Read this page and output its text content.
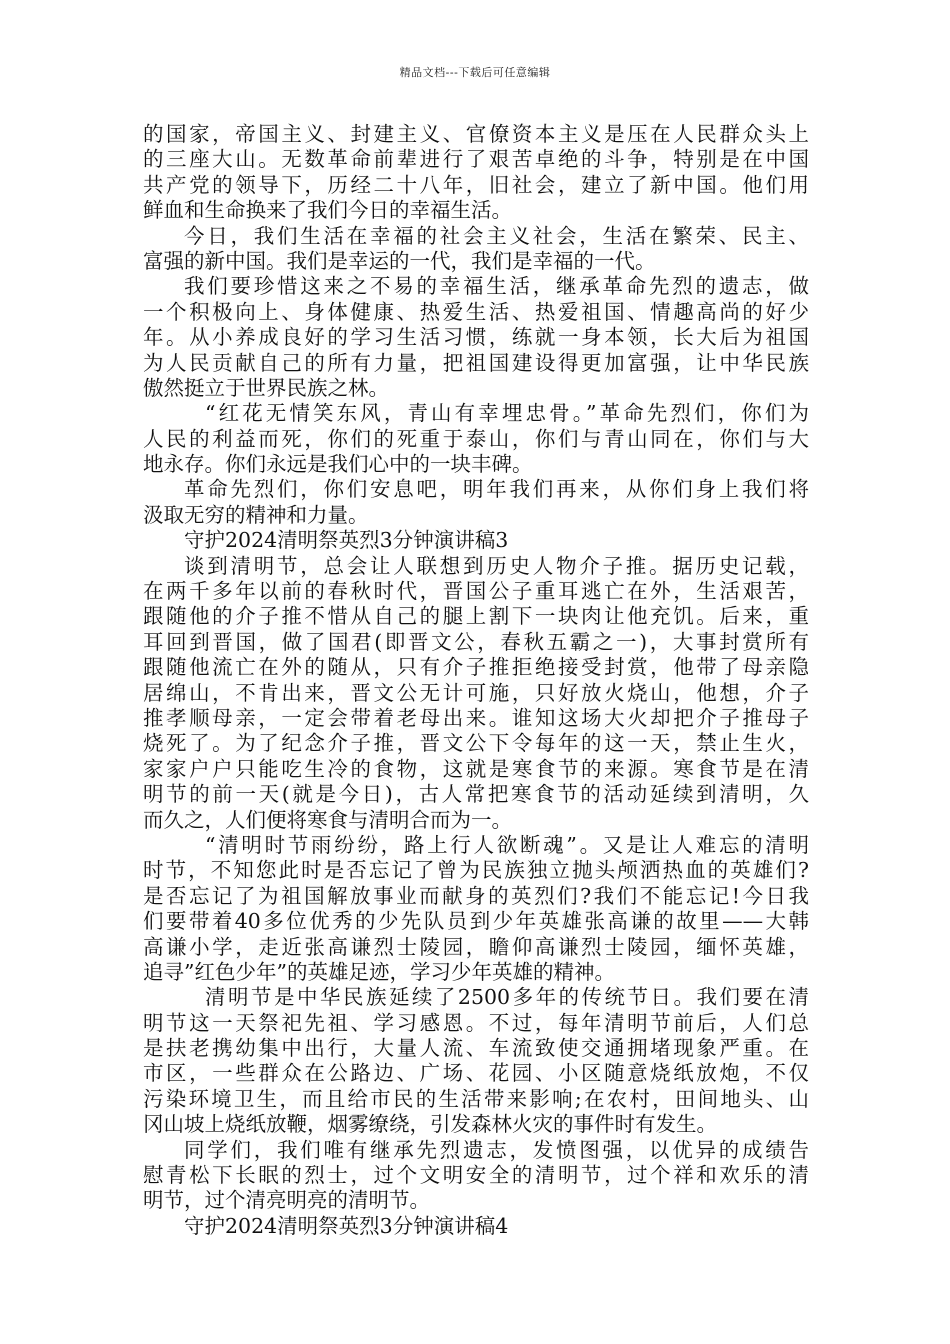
精品文档---下载后可任意编辑
的国家，帝国主义、封建主义、官僚资本主义是压在人民群众头上
的三座大山。无数革命前辈进行了艰苦卓绝的斗争，特别是在中国
共产党的领导下，历经二十八年，旧社会，建立了新中国。他们用
鲜血和生命换来了我们今日的幸福生活。
今日，我们生活在幸福的社会主义社会，生活在繁荣、民主、
富强的新中国。我们是幸运的一代，我们是幸福的一代。
我们要珍惜这来之不易的幸福生活，继承革命先烈的遗志，做
一个积极向上、身体健康、热爱生活、热爱祖国、情趣高尚的好少
年。从小养成良好的学习生活习惯，练就一身本领，长大后为祖国
为人民贡献自己的所有力量，把祖国建设得更加富强，让中华民族
傲然挺立于世界民族之林。
“红花无情笑东风，青山有幸埋忠骨。”革命先烈们，你们为
人民的利益而死，你们的死重于泰山，你们与青山同在，你们与大
地永存。你们永远是我们心中的一块丰碑。
革命先烈们，你们安息吧，明年我们再来，从你们身上我们将
汲取无穷的精神和力量。
守护2024清明祭英烈3分钟演讲稿3
谈到清明节，总会让人联想到历史人物介子推。据历史记载，
在两千多年以前的春秋时代，晋国公子重耳逃亡在外，生活艰苦，
跟随他的介子推不惜从自己的腿上割下一块肉让他充饥。后来，重
耳回到晋国，做了国君(即晋文公，春秋五霸之一)，大事封赏所有
跟随他流亡在外的随从，只有介子推拒绝接受封赏，他带了母亲隐
居绵山，不肯出来，晋文公无计可施，只好放火烧山，他想，介子
推孝顺母亲，一定会带着老母出来。谁知这场大火却把介子推母子
烧死了。为了纪念介子推，晋文公下令每年的这一天，禁止生火，
家家户户只能吃生冷的食物，这就是寒食节的来源。寒食节是在清
明节的前一天(就是今日)，古人常把寒食节的活动延续到清明，久
而久之，人们便将寒食与清明合而为一。
“清明时节雨纷纷，路上行人欲断魂”。又是让人难忘的清明
时节，不知您此时是否忘记了曾为民族独立抛头颅洒热血的英雄们?
是否忘记了为祖国解放事业而献身的英烈们?我们不能忘记!今日我
们要带着40多位优秀的少先队员到少年英雄张高谦的故里——大韩
高谦小学，走近张高谦烈士陵园，瞻仰高谦烈士陵园，缅怀英雄，
追寻”红色少年”的英雄足迹，学习少年英雄的精神。
清明节是中华民族延续了2500多年的传统节日。我们要在清
明节这一天祭祀先祖、学习感恩。不过，每年清明节前后，人们总
是扶老携幼集中出行，大量人流、车流致使交通拥堵现象严重。在
市区，一些群众在公路边、广场、花园、小区随意烧纸放炮，不仅
污染环境卫生，而且给市民的生活带来影响;在农村，田间地头、山
冈山坡上烧纸放鞭，烟雾缭绕，引发森林火灾的事件时有发生。
同学们，我们唯有继承先烈遗志，发愤图强，以优异的成绩告
慰青松下长眠的烈士，过个文明安全的清明节，过个祥和欢乐的清
明节，过个清亮明亮的清明节。
守护2024清明祭英烈3分钟演讲稿4
